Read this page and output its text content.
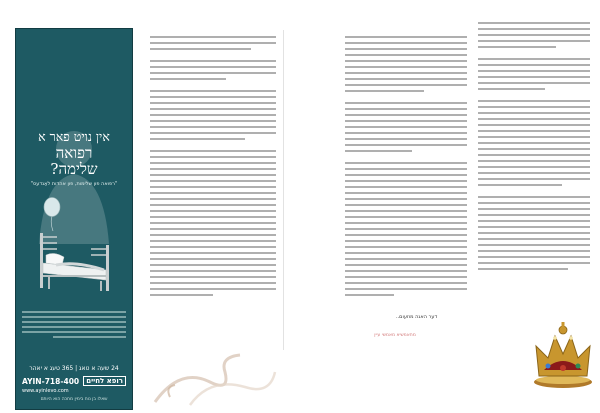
אין נויט פאר א
רפואה
שלימה?
"רפואה פון שלימות, פון אהדות לאַנדעס"
24 שעה א טאג | 365 טעג א יאהר
רופא לחיים
718-400-AYIN
www.ayinlevo.com
שאלו בן נוח בימין מחכה הוא היותם
מחאמשיא מאמשי עיין
דער האגה מוזעום..
